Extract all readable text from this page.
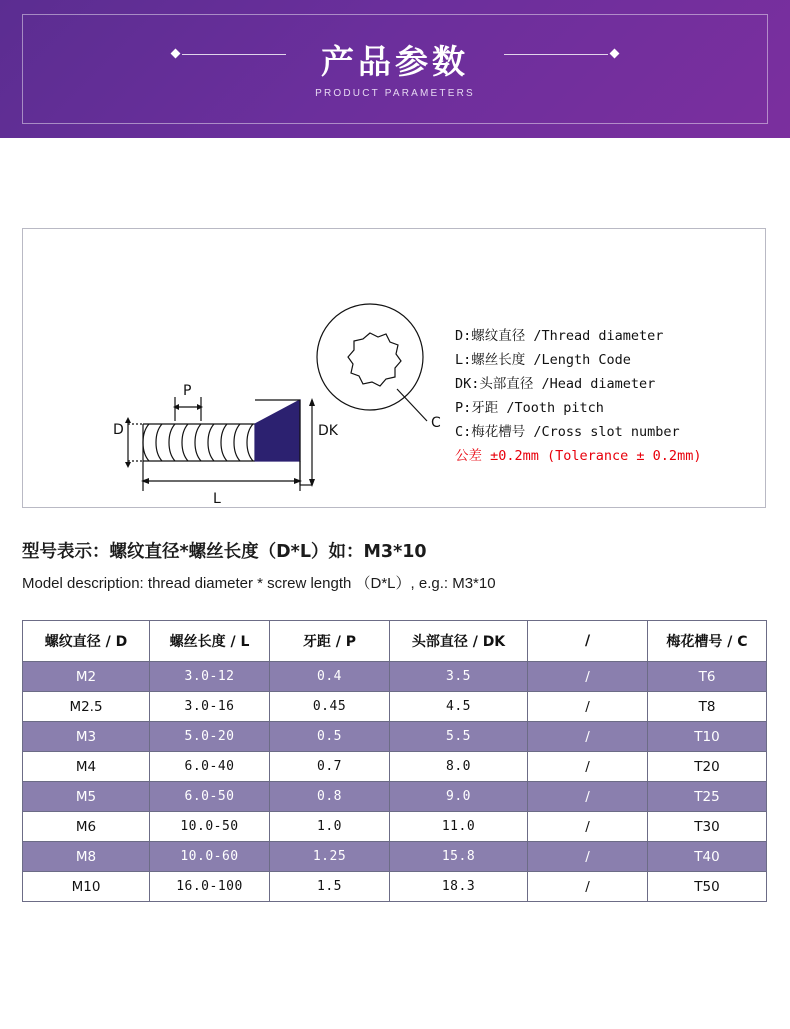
产品参数
PRODUCT PARAMETERS
D
P
DK
L
C
D:螺纹直径 /Thread diameter
L:螺丝长度 /Length Code
DK:头部直径 /Head diameter
P:牙距 /Tooth pitch
C:梅花槽号 /Cross slot number
公差 ±0.2mm (Tolerance ± 0.2mm)
型号表示：螺纹直径*螺丝长度（D*L）如：M3*10
Model description: thread diameter * screw length （D*L）, e.g.: M3*10
螺纹直径 / D	螺丝长度 / L	牙距 / P	头部直径 / DK	/	梅花槽号 / C
M2	3.0-12	0.4	3.5	/	T6
M2.5	3.0-16	0.45	4.5	/	T8
M3	5.0-20	0.5	5.5	/	T10
M4	6.0-40	0.7	8.0	/	T20
M5	6.0-50	0.8	9.0	/	T25
M6	10.0-50	1.0	11.0	/	T30
M8	10.0-60	1.25	15.8	/	T40
M10	16.0-100	1.5	18.3	/	T50
